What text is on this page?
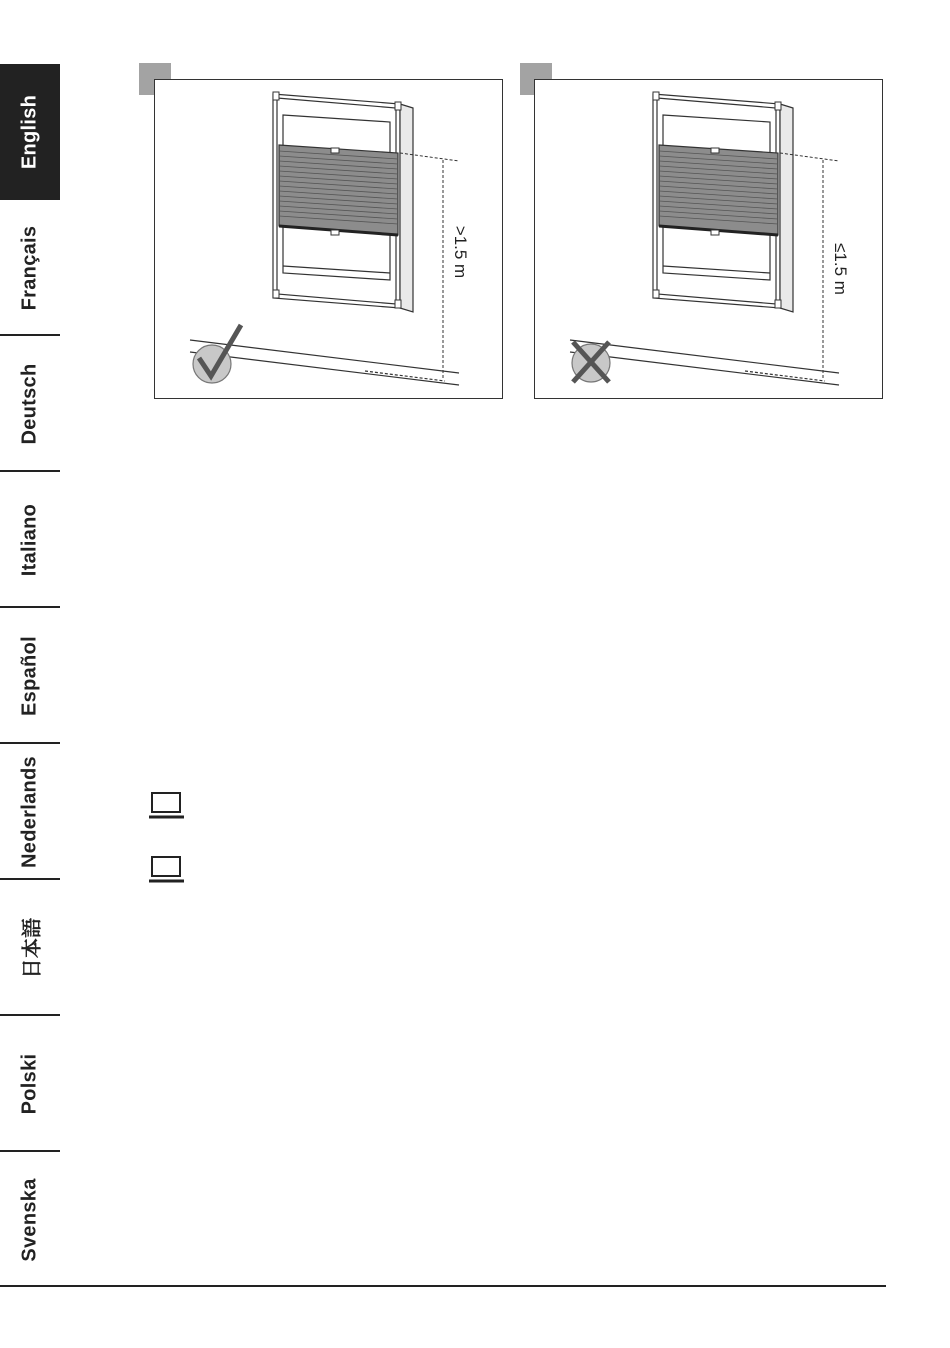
English
Français
Deutsch
Italiano
Español
Nederlands
日本語
Polski
Svenska
>1.5 m	≤1.5 m
